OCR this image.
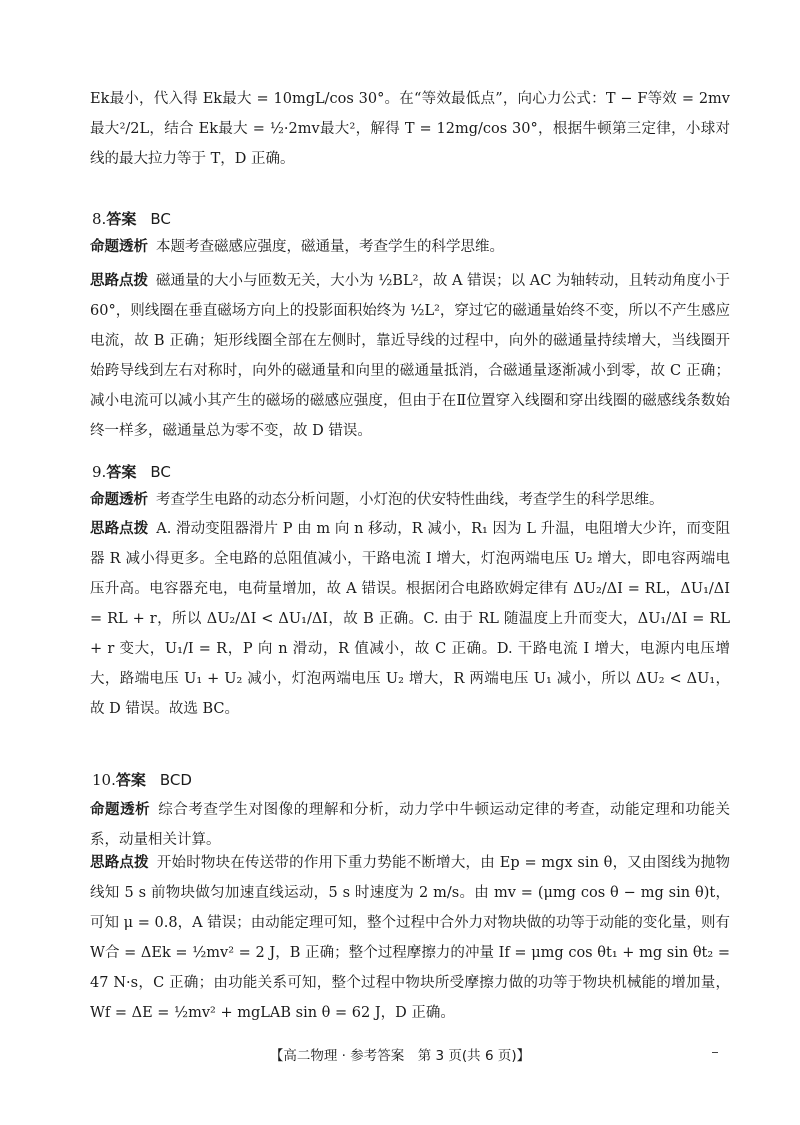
Ek最小，代入得 Ek最大 = 10mgL/cos 30°。在“等效最低点”，向心力公式：T − F等效 = 2mv最大²/2L，结合 Ek最大 = ½·2mv最大²，解得 T = 12mg/cos 30°，根据牛顿第三定律，小球对线的最大拉力等于 T，D 正确。
8.答案 BC
命题透析 本题考查磁感应强度，磁通量，考查学生的科学思维。
思路点拨 磁通量的大小与匝数无关，大小为 ½BL²，故 A 错误；以 AC 为轴转动，且转动角度小于 60°，则线圈在垂直磁场方向上的投影面积始终为 ½L²，穿过它的磁通量始终不变，所以不产生感应电流，故 B 正确；矩形线圈全部在左侧时，靠近导线的过程中，向外的磁通量持续增大，当线圈开始跨导线到左右对称时，向外的磁通量和向里的磁通量抵消，合磁通量逐渐减小到零，故 C 正确；减小电流可以减小其产生的磁场的磁感应强度，但由于在Ⅱ位置穿入线圈和穿出线圈的磁感线条数始终一样多，磁通量总为零不变，故 D 错误。
9.答案 BC
命题透析 考查学生电路的动态分析问题，小灯泡的伏安特性曲线，考查学生的科学思维。
思路点拨 A. 滑动变阻器滑片 P 由 m 向 n 移动，R 减小，R₁ 因为 L 升温，电阻增大少许，而变阻器 R 减小得更多。全电路的总阻值减小，干路电流 I 增大，灯泡两端电压 U₂ 增大，即电容两端电压升高。电容器充电，电荷量增加，故 A 错误。根据闭合电路欧姆定律有 ΔU₂/ΔI = RL，ΔU₁/ΔI = RL + r，所以 ΔU₂/ΔI < ΔU₁/ΔI，故 B 正确。C. 由于 RL 随温度上升而变大，ΔU₁/ΔI = RL + r 变大，U₁/I = R，P 向 n 滑动，R 值减小，故 C 正确。D. 干路电流 I 增大，电源内电压增大，路端电压 U₁ + U₂ 减小，灯泡两端电压 U₂ 增大，R 两端电压 U₁ 减小，所以 ΔU₂ < ΔU₁，故 D 错误。故选 BC。
10.答案 BCD
命题透析 综合考查学生对图像的理解和分析，动力学中牛顿运动定律的考查，动能定理和功能关系，动量相关计算。
思路点拨 开始时物块在传送带的作用下重力势能不断增大，由 Ep = mgx sin θ，又由图线为抛物线知 5 s 前物块做匀加速直线运动，5 s 时速度为 2 m/s。由 mv = (μmg cos θ − mg sin θ)t，可知 μ = 0.8，A 错误；由动能定理可知，整个过程中合外力对物块做的功等于动能的变化量，则有 W合 = ΔEk = ½mv² = 2 J，B 正确；整个过程摩擦力的冲量 If = μmg cos θt₁ + mg sin θt₂ = 47 N·s，C 正确；由功能关系可知，整个过程中物块所受摩擦力做的功等于物块机械能的增加量，Wf = ΔE = ½mv² + mgLAB sin θ = 62 J，D 正确。
【高二物理 · 参考答案　第 3 页(共 6 页)】
